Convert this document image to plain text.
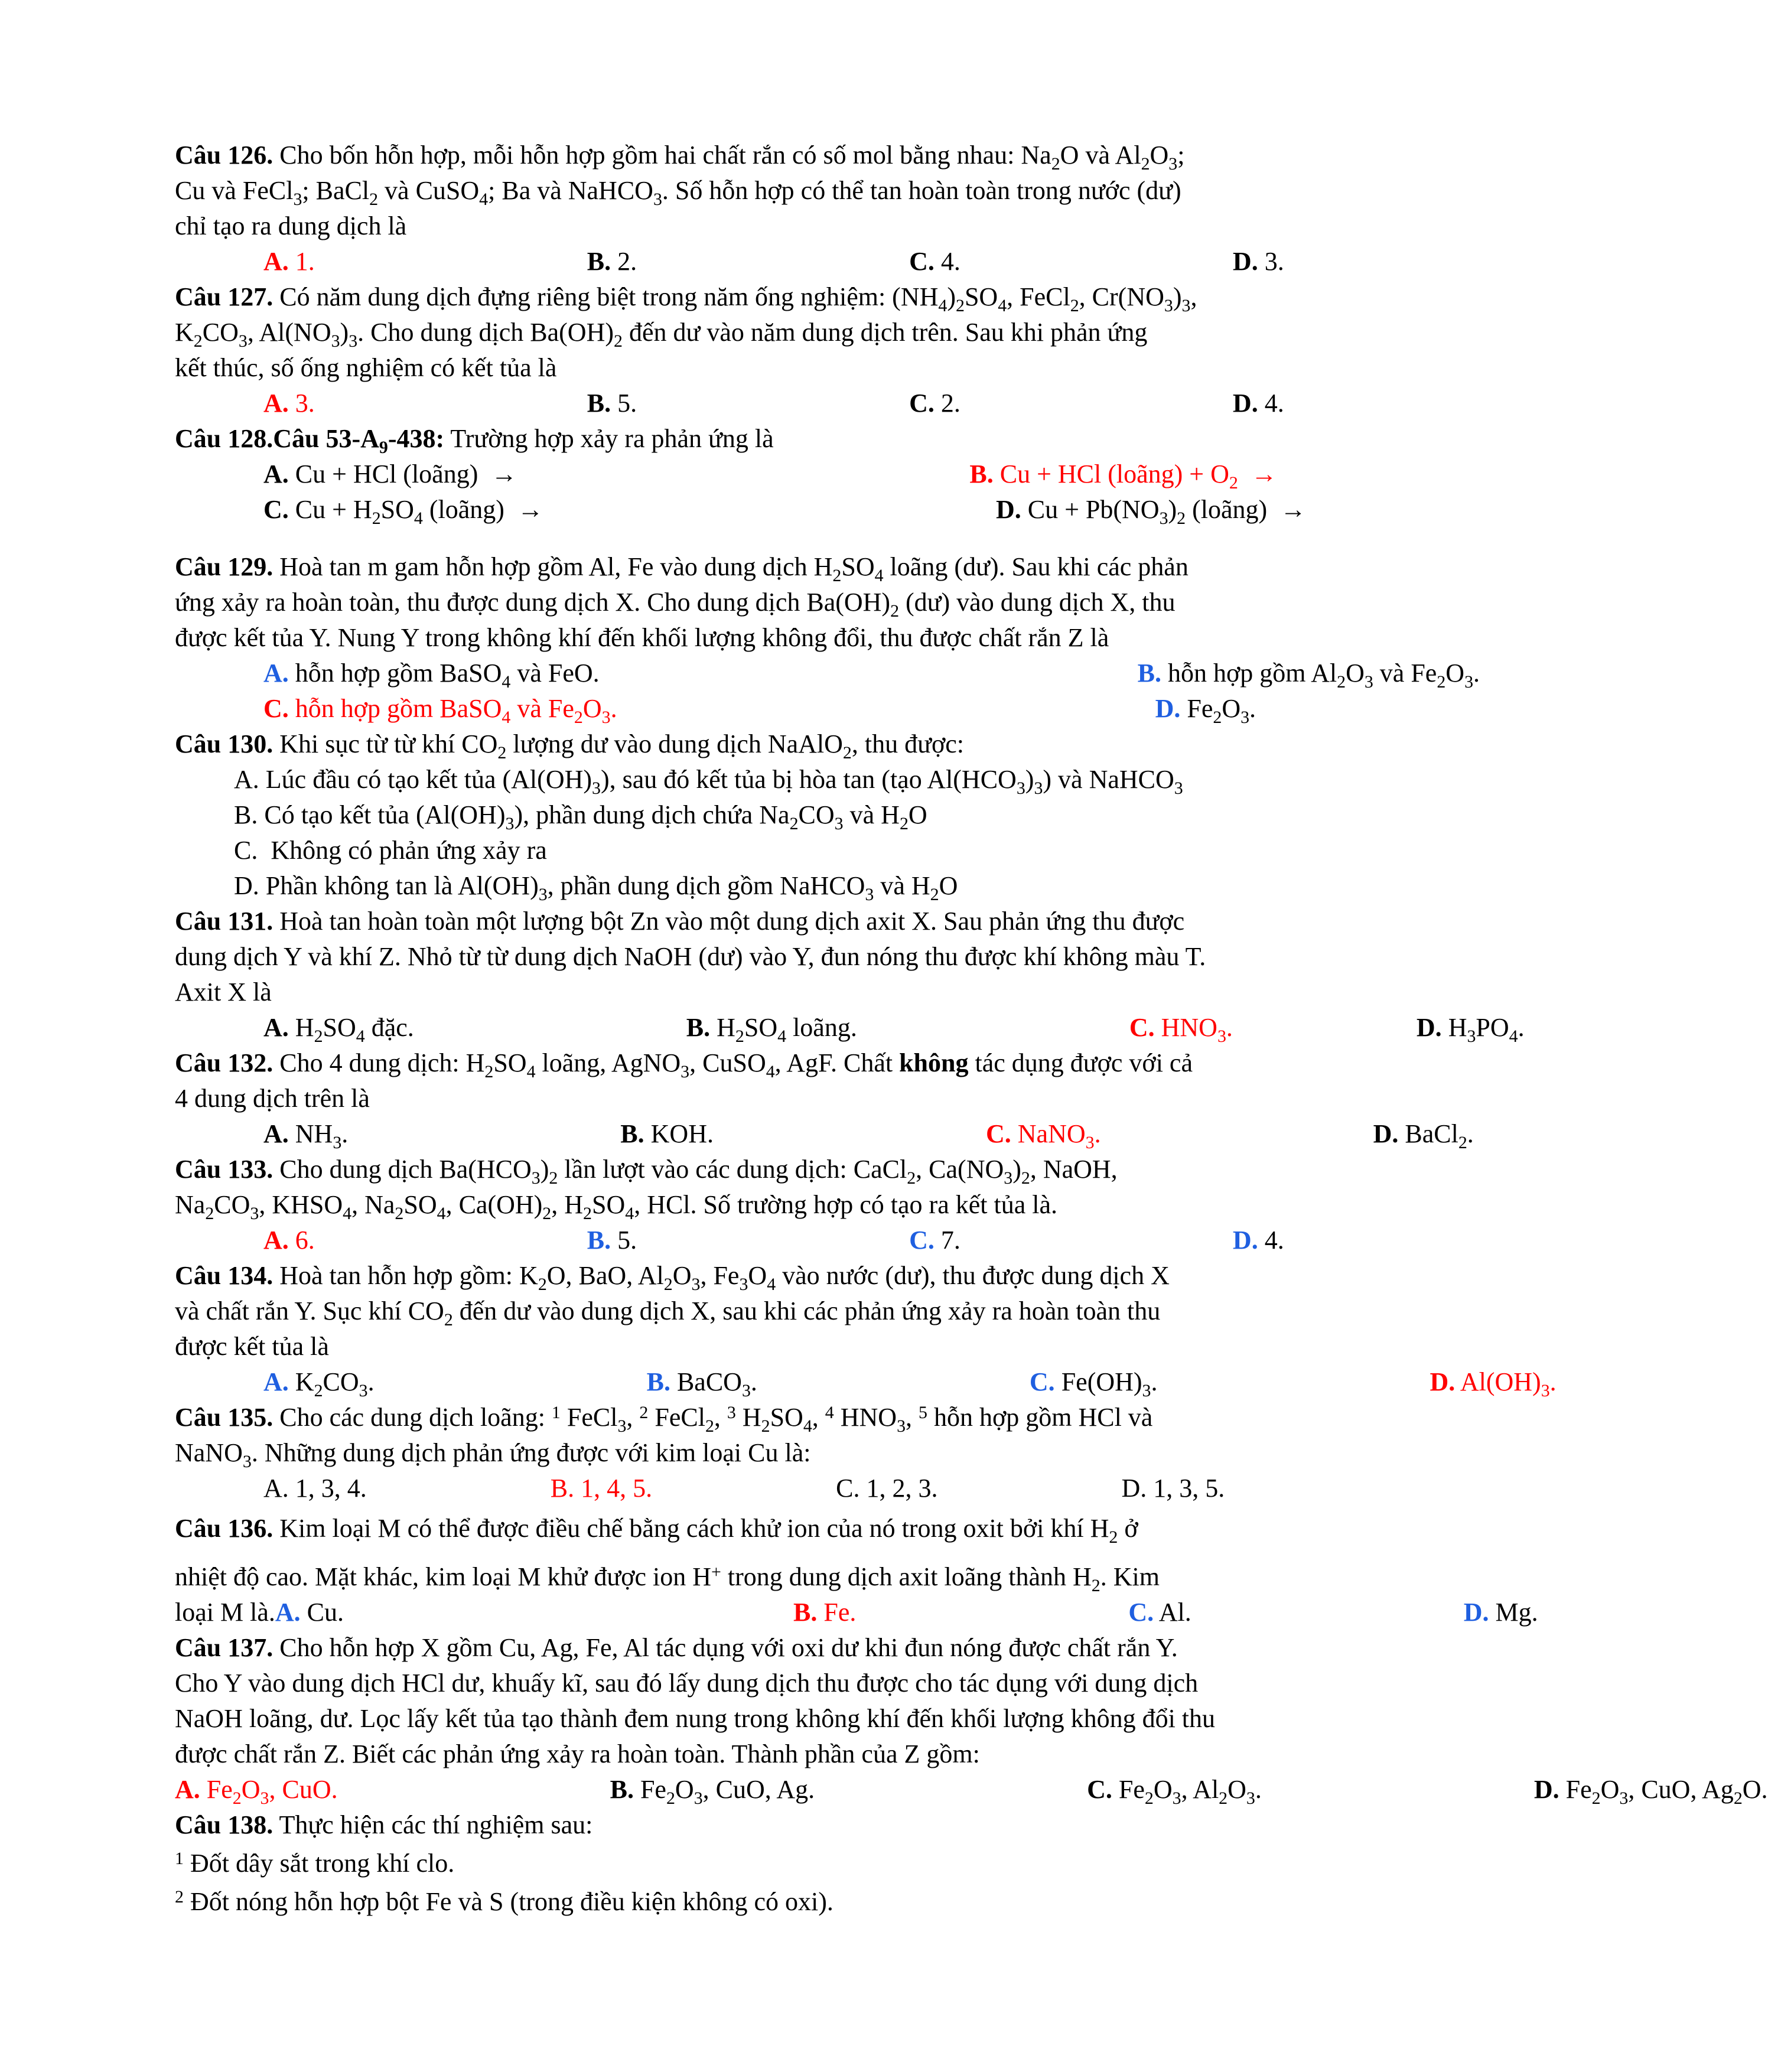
Câu 126. Cho bốn hỗn hợp, mỗi hỗn hợp gồm hai chất rắn có số mol bằng nhau: $Na_2O$ và $Al_2O_3$;
Cu và FeCl$_3$; BaCl$_2$ và CuSO$_4$; Ba và NaHCO$_3$. Số hỗn hợp có thể tan hoàn toàn trong nước (dư)
chỉ tạo ra dung dịch là
A. 1.	B. 2.	C. 4.	D. 3.
Câu 127. Có năm dung dịch đựng riêng biệt trong năm ống nghiệm: $(NH_4)_2SO_4$, FeCl$_2$, $Cr(NO_3)_3$,
$K_2CO_3$, $Al(NO_3)_3$. Cho dung dịch $Ba(OH)_2$ đến dư vào năm dung dịch trên. Sau khi phản ứng
kết thúc, số ống nghiệm có kết tủa là
A. 3.	B. 5.	C. 2.	D. 4.
Câu 128.Câu $53-A_9-438$: Trường hợp xảy ra phản ứng là
A. Cu + HCl (loãng)  →	B. Cu + HCl (loãng) + $O_2$  →
C. $Cu + H_2SO_4$ (loãng)  →	D. $Cu + Pb(NO_3)_2$ (loãng)  →
Câu 129. Hoà tan m gam hỗn hợp gồm Al, Fe vào dung dịch $H_2SO_4$ loãng (dư). Sau khi các phản
ứng xảy ra hoàn toàn, thu được dung dịch X. Cho dung dịch $Ba(OH)_2$ (dư) vào dung dịch X, thu
được kết tủa Y. Nung Y trong không khí đến khối lượng không đổi, thu được chất rắn Z là
A. hỗn hợp gồm BaSO$_4$ và FeO.	B. hỗn hợp gồm $Al_2O_3$ và $Fe_2O_3$.
C. hỗn hợp gồm BaSO$_4$ và $Fe_2O_3$.	D. $Fe_2O_3$.
Câu 130. Khi sục từ từ khí $CO_2$ lượng dư vào dung dịch NaAlO$_2$, thu được:
A. Lúc đầu có tạo kết tủa $(Al(OH)_3)$, sau đó kết tủa bị hòa tan (tạo $Al(HCO_3)_3$) và NaHCO$_3$
B. Có tạo kết tủa $(Al(OH)_3)$, phần dung dịch chứa $Na_2CO_3$ và $H_2O$
C.  Không có phản ứng xảy ra
D. Phần không tan là $Al(OH)_3$, phần dung dịch gồm NaHCO$_3$ và $H_2O$
Câu 131. Hoà tan hoàn toàn một lượng bột Zn vào một dung dịch axit X. Sau phản ứng thu được
dung dịch Y và khí Z. Nhỏ từ từ dung dịch NaOH (dư) vào Y, đun nóng thu được khí không màu T.
Axit X là
A. $H_2SO_4$ đặc.	B. $H_2SO_4$ loãng.	C. $HNO_3$.	D. $H_3PO_4$.
Câu 132. Cho 4 dung dịch: $H_2SO_4$ loãng, AgNO$_3$, CuSO$_4$, AgF. Chất không tác dụng được với cả
4 dung dịch trên là
A. $NH_3$.	B. KOH.	C. NaNO$_3$.	D. BaCl$_2$.
Câu 133. Cho dung dịch $Ba(HCO_3)_2$ lần lượt vào các dung dịch: CaCl$_2$, $Ca(NO_3)_2$, NaOH,
$Na_2CO_3$, $KHSO_4$, $Na_2SO_4$, $Ca(OH)_2$, $H_2SO_4$, HCl. Số trường hợp có tạo ra kết tủa là.
A. 6.	B. 5.	C. 7.	D. 4.
Câu 134. Hoà tan hỗn hợp gồm: $K_2O$, BaO, $Al_2O_3$, $Fe_3O_4$ vào nước (dư), thu được dung dịch X
và chất rắn Y. Sục khí $CO_2$ đến dư vào dung dịch X, sau khi các phản ứng xảy ra hoàn toàn thu
được kết tủa là
A. $K_2CO_3$.	B. BaCO$_3$.	C. $Fe(OH)_3$.	D. $Al(OH)_3$.
Câu 135. Cho các dung dịch loãng: $^1$ FeCl$_3$, $^2$ FeCl$_2$, $^3$ $H_2SO_4$, $^4$ $HNO_3$, $^5$ hỗn hợp gồm HCl và
NaNO$_3$. Những dung dịch phản ứng được với kim loại Cu là:
A. 1, 3, 4.	B. 1, 4, 5.	C. 1, 2, 3.	D. 1, 3, 5.
Câu 136. Kim loại M có thể được điều chế bằng cách khử ion của nó trong oxit bởi khí $H_2$ ở
nhiệt độ cao. Mặt khác, kim loại M khử được ion H+ trong dung dịch axit loãng thành $H_2$. Kim
loại M là.A. Cu.	B. Fe.	C. Al.	D. Mg.
Câu 137. Cho hỗn hợp X gồm Cu, Ag, Fe, Al tác dụng với oxi dư khi đun nóng được chất rắn Y.
Cho Y vào dung dịch HCl dư, khuấy kĩ, sau đó lấy dung dịch thu được cho tác dụng với dung dịch
NaOH loãng, dư. Lọc lấy kết tủa tạo thành đem nung trong không khí đến khối lượng không đổi thu
được chất rắn Z. Biết các phản ứng xảy ra hoàn toàn. Thành phần của Z gồm:
A. $Fe_2O_3$, CuO.	B. $Fe_2O_3$, CuO, Ag.	C. $Fe_2O_3$, $Al_2O_3$.	D. $Fe_2O_3$, CuO, $Ag_2O$.
Câu 138. Thực hiện các thí nghiệm sau:
$^1$ Đốt dây sắt trong khí clo.
$^2$ Đốt nóng hỗn hợp bột Fe và S (trong điều kiện không có oxi).
